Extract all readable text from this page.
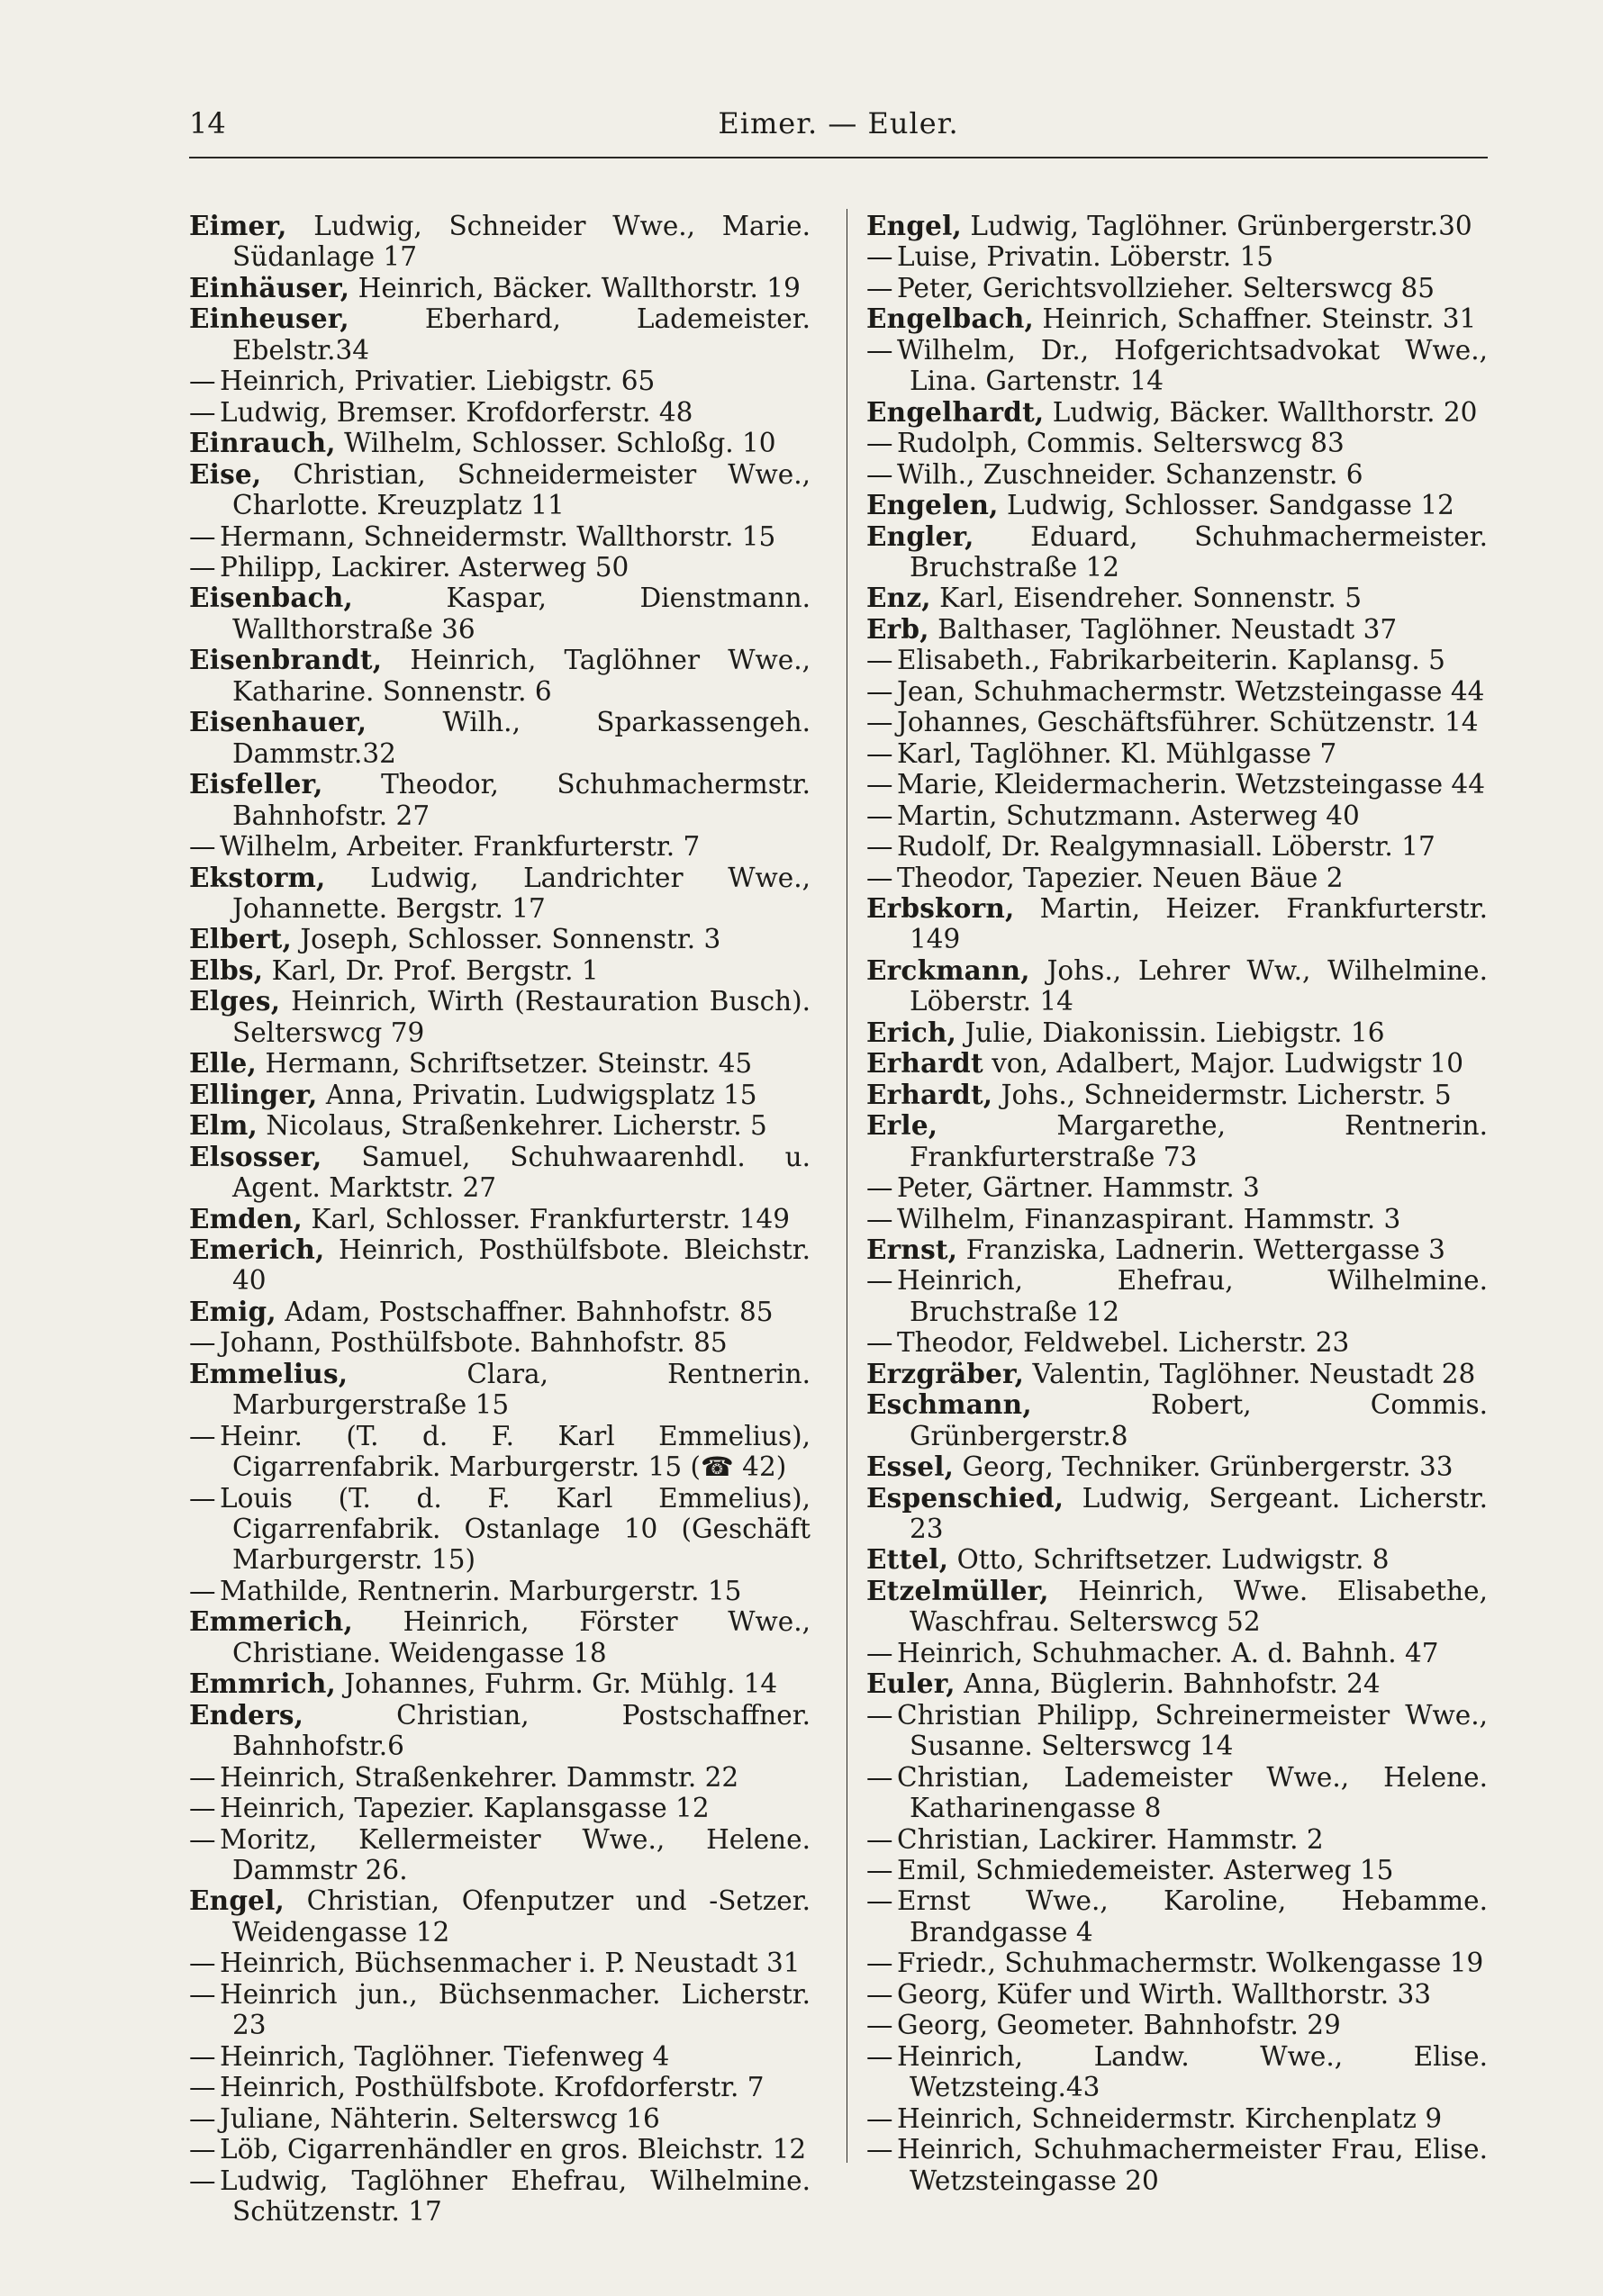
14	Eimer. — Euler.

Eimer, Ludwig, Schneider Wwe., Marie. Südanlage 17

Einhäuser, Heinrich, Bäcker. Wallthorstr. 19

Einheuser,	Eberhard, Lademeister. Ebelstr.34

— Heinrich, Privatier. Liebigstr. 65

— Ludwig, Bremser. Krofdorferstr. 48

Einrauch, Wilhelm, Schlosser. Schloßg. 10

Eise, Christian, Schneidermeister Wwe., Charlotte. Kreuzplatz 11

— Hermann, Schneidermstr. Wallthorstr. 15

— Philipp, Lackirer. Asterweg 50

Eisenbach,	Kaspar, Dienstmann. Wallthorstraße 36

Eisenbrandt, Heinrich, Taglöhner Wwe., Katharine. Sonnenstr. 6

Eisenhauer,	Wilh., Sparkassengeh. Dammstr.32

Eisfeller, Theodor, Schuhmachermstr. Bahnhofstr. 27

— Wilhelm, Arbeiter. Frankfurterstr. 7

Ekstorm, Ludwig, Landrichter Wwe., Johannette. Bergstr. 17

Elbert, Joseph, Schlosser. Sonnenstr. 3

Elbs, Karl, Dr. Prof. Bergstr. 1

Elges, Heinrich, Wirth (Restauration Busch). Selterswcg 79

Elle, Hermann, Schriftsetzer. Steinstr. 45

Ellinger, Anna, Privatin. Ludwigsplatz 15

Elm, Nicolaus, Straßenkehrer. Licherstr. 5

Elsosser, Samuel, Schuhwaarenhdl. u. Agent. Marktstr. 27

Emden, Karl, Schlosser. Frankfurterstr. 149

Emerich, Heinrich, Posthülfsbote. Bleichstr. 40

Emig, Adam, Postschaffner. Bahnhofstr. 85

— Johann, Posthülfsbote. Bahnhofstr. 85

Emmelius,	Clara, Rentnerin. Marburgerstraße 15

— Heinr. (T. d. F. Karl Emmelius), Cigarrenfabrik. Marburgerstr. 15 (☎ 42)

— Louis (T. d. F. Karl Emmelius), Cigarrenfabrik. Ostanlage 10 (Geschäft Marburgerstr. 15)

— Mathilde, Rentnerin. Marburgerstr. 15

Emmerich, Heinrich, Förster Wwe., Christiane. Weidengasse 18

Emmrich, Johannes, Fuhrm. Gr. Mühlg. 14

Enders,	Christian, Postschaffner. Bahnhofstr.6

— Heinrich, Straßenkehrer. Dammstr. 22

— Heinrich, Tapezier. Kaplansgasse 12

— Moritz, Kellermeister Wwe., Helene. Dammstr 26.

Engel, Christian, Ofenputzer und -Setzer. Weidengasse 12

— Heinrich, Büchsenmacher i. P. Neustadt 31

— Heinrich jun., Büchsenmacher. Licherstr. 23

— Heinrich, Taglöhner. Tiefenweg 4

— Heinrich, Posthülfsbote. Krofdorferstr. 7

— Juliane, Nähterin. Selterswcg 16

— Löb, Cigarrenhändler en gros. Bleichstr. 12

— Ludwig, Taglöhner Ehefrau, Wilhelmine. Schützenstr. 17

Engel, Ludwig, Taglöhner. Grünbergerstr.30

— Luise, Privatin. Löberstr. 15

— Peter, Gerichtsvollzieher. Selterswcg 85

Engelbach, Heinrich, Schaffner. Steinstr. 31

— Wilhelm, Dr., Hofgerichtsadvokat Wwe., Lina. Gartenstr. 14

Engelhardt, Ludwig, Bäcker. Wallthorstr. 20

— Rudolph, Commis. Selterswcg 83

— Wilh., Zuschneider. Schanzenstr. 6

Engelen, Ludwig, Schlosser. Sandgasse 12

Engler, Eduard, Schuhmachermeister. Bruchstraße 12

Enz, Karl, Eisendreher. Sonnenstr. 5

Erb, Balthaser, Taglöhner. Neustadt 37

— Elisabeth., Fabrikarbeiterin. Kaplansg. 5

— Jean, Schuhmachermstr. Wetzsteingasse 44

— Johannes, Geschäftsführer. Schützenstr. 14

— Karl, Taglöhner. Kl. Mühlgasse 7

— Marie, Kleidermacherin. Wetzsteingasse 44

— Martin, Schutzmann. Asterweg 40

— Rudolf, Dr. Realgymnasiall. Löberstr. 17

— Theodor, Tapezier. Neuen Bäue 2

Erbskorn, Martin, Heizer. Frankfurterstr. 149

Erckmann, Johs., Lehrer Ww., Wilhelmine. Löberstr. 14

Erich, Julie, Diakonissin. Liebigstr. 16

Erhardt von, Adalbert, Major. Ludwigstr 10

Erhardt, Johs., Schneidermstr. Licherstr. 5

Erle,	Margarethe, Rentnerin. Frankfurterstraße 73

— Peter, Gärtner. Hammstr. 3

— Wilhelm, Finanzaspirant. Hammstr. 3

Ernst, Franziska, Ladnerin. Wettergasse 3

— Heinrich, Ehefrau, Wilhelmine. Bruchstraße 12

— Theodor, Feldwebel. Licherstr. 23

Erzgräber, Valentin, Taglöhner. Neustadt 28

Eschmann,	Robert, Commis. Grünbergerstr.8

Essel, Georg, Techniker. Grünbergerstr. 33

Espenschied, Ludwig, Sergeant. Licherstr. 23

Ettel, Otto, Schriftsetzer. Ludwigstr. 8

Etzelmüller, Heinrich, Wwe. Elisabethe, Waschfrau. Selterswcg 52

— Heinrich, Schuhmacher. A. d. Bahnh. 47

Euler, Anna, Büglerin. Bahnhofstr. 24

— Christian Philipp, Schreinermeister Wwe., Susanne. Selterswcg 14

— Christian, Lademeister Wwe., Helene. Katharinengasse 8

— Christian, Lackirer. Hammstr. 2

— Emil, Schmiedemeister. Asterweg 15

— Ernst Wwe., Karoline, Hebamme. Brandgasse 4

— Friedr., Schuhmachermstr. Wolkengasse 19

— Georg, Küfer und Wirth. Wallthorstr. 33

— Georg, Geometer. Bahnhofstr. 29

— Heinrich, Landw. Wwe., Elise. Wetzsteing.43

— Heinrich, Schneidermstr. Kirchenplatz 9

— Heinrich, Schuhmachermeister Frau, Elise. Wetzsteingasse 20
